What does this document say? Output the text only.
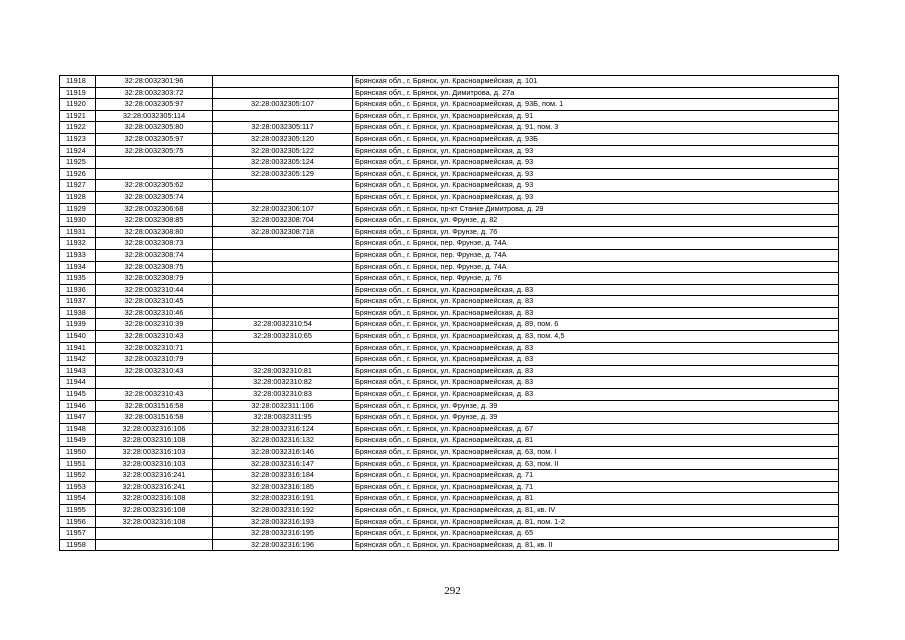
11918	32:28:0032301:96		Брянская обл., г. Брянск, ул. Красноармейская, д. 101
11919	32:28:0032303:72		Брянская обл., г. Брянск, ул. Димитрова, д. 27а
11920	32:28:0032305:97	32:28:0032305:107	Брянская обл., г. Брянск, ул. Красноармейская, д. 93Б, пом. 1
11921	32:28:0032305:114		Брянская обл., г. Брянск, ул. Красноармейская, д. 91
11922	32:28:0032305:80	32:28:0032305:117	Брянская обл., г. Брянск, ул. Красноармейская, д. 91, пом. 3
11923	32:28:0032305:97	32:28:0032305:120	Брянская обл., г. Брянск, ул. Красноармейская, д. 93Б
11924	32:28:0032305:75	32:28:0032305:122	Брянская обл., г. Брянск, ул. Красноармейская, д. 93
11925		32:28:0032305:124	Брянская обл., г. Брянск, ул. Красноармейская, д. 93
11926		32:28:0032305:129	Брянская обл., г. Брянск, ул. Красноармейская, д. 93
11927	32:28:0032305:62		Брянская обл., г. Брянск, ул. Красноармейская, д. 93
11928	32:28:0032305:74		Брянская обл., г. Брянск, ул. Красноармейская, д. 93
11929	32:28:0032306:68	32:28:0032306:107	Брянская обл., г. Брянск, пр-кт Станке Димитрова, д. 29
11930	32:28:0032308:85	32:28:0032308:704	Брянская обл., г. Брянск, ул. Фрунзе, д. 82
11931	32:28:0032308:80	32:28:0032308:718	Брянская обл., г. Брянск, ул. Фрунзе, д. 76
11932	32:28:0032308:73		Брянская обл., г. Брянск, пер. Фрунзе, д. 74А
11933	32:28:0032308:74		Брянская обл., г. Брянск, пер. Фрунзе, д. 74А
11934	32:28:0032308:75		Брянская обл., г. Брянск, пер. Фрунзе, д. 74А
11935	32:28:0032308:79		Брянская обл., г. Брянск, пер. Фрунзе, д. 76
11936	32:28:0032310:44		Брянская обл., г. Брянск, ул. Красноармейская, д. 83
11937	32:28:0032310:45		Брянская обл., г. Брянск, ул. Красноармейская, д. 83
11938	32:28:0032310:46		Брянская обл., г. Брянск, ул. Красноармейская, д. 83
11939	32:28:0032310:39	32:28:0032310:54	Брянская обл., г. Брянск, ул. Красноармейская, д. 89, пом. 6
11940	32:28:0032310:43	32:28:0032310:65	Брянская обл., г. Брянск, ул. Красноармейская, д. 83, пом. 4,5
11941	32:28:0032310:71		Брянская обл., г. Брянск, ул. Красноармейская, д. 83
11942	32:28:0032310:79		Брянская обл., г. Брянск, ул. Красноармейская, д. 83
11943	32:28:0032310:43	32:28:0032310:81	Брянская обл., г. Брянск, ул. Красноармейская, д. 83
11944		32:28:0032310:82	Брянская обл., г. Брянск, ул. Красноармейская, д. 83
11945	32:28:0032310:43	32:28:0032310:83	Брянская обл., г. Брянск, ул. Красноармейская, д. 83
11946	32:28:0031516:58	32:28:0032311:106	Брянская обл., г. Брянск, ул. Фрунзе, д. 39
11947	32:28:0031516:58	32:28:0032311:95	Брянская обл., г. Брянск, ул. Фрунзе, д. 39
11948	32:28:0032316:106	32:28:0032316:124	Брянская обл., г. Брянск, ул. Красноармейская, д. 67
11949	32:28:0032316:108	32:28:0032316:132	Брянская обл., г. Брянск, ул. Красноармейская, д. 81
11950	32:28:0032316:103	32:28:0032316:146	Брянская обл., г. Брянск, ул. Красноармейская, д. 63, пом. I
11951	32:28:0032316:103	32:28:0032316:147	Брянская обл., г. Брянск, ул. Красноармейская, д. 63, пом. II
11952	32:28:0032316:241	32:28:0032316:184	Брянская обл., г. Брянск, ул. Красноармейская, д. 71
11953	32:28:0032316:241	32:28:0032316:185	Брянская обл., г. Брянск, ул. Красноармейская, д. 71
11954	32:28:0032316:108	32:28:0032316:191	Брянская обл., г. Брянск, ул. Красноармейская, д. 81
11955	32:28:0032316:108	32:28:0032316:192	Брянская обл., г. Брянск, ул. Красноармейская, д. 81, кв. IV
11956	32:28:0032316:108	32:28:0032316:193	Брянская обл., г. Брянск, ул. Красноармейская, д. 81, пом. 1-2
11957		32:28:0032316:195	Брянская обл., г. Брянск, ул. Красноармейская, д. 65
11958		32:28:0032316:196	Брянская обл., г. Брянск, ул. Красноармейская, д. 81, кв. II
292
